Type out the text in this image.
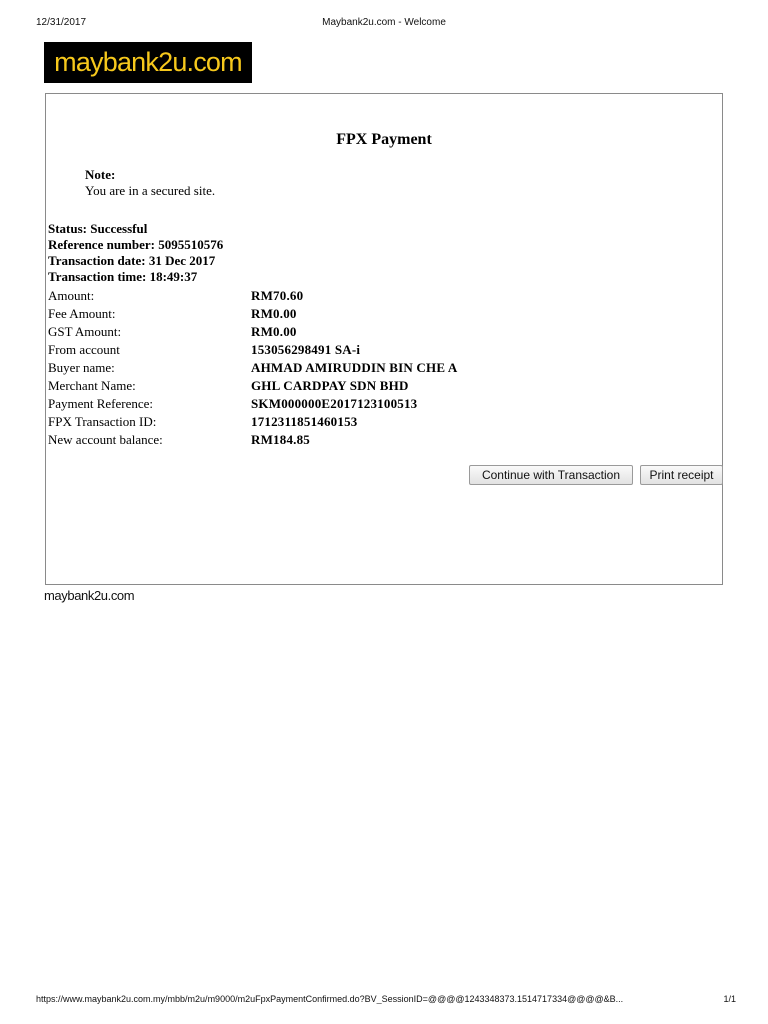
12/31/2017	Maybank2u.com - Welcome
maybank2u.com
FPX Payment
Note:
You are in a secured site.
Status: Successful
Reference number: 5095510576
Transaction date: 31 Dec 2017
Transaction time: 18:49:37
Amount:	RM70.60
Fee Amount:	RM0.00
GST Amount:	RM0.00
From account	153056298491 SA-i
Buyer name:	AHMAD AMIRUDDIN BIN CHE A
Merchant Name:	GHL CARDPAY SDN BHD
Payment Reference:	SKM000000E2017123100513
FPX Transaction ID:	1712311851460153
New account balance:	RM184.85
Continue with Transaction	Print receipt
maybank2u.com
https://www.maybank2u.com.my/mbb/m2u/m9000/m2uFpxPaymentConfirmed.do?BV_SessionID=@@@@1243348373.1514717334@@@@&B...	1/1
